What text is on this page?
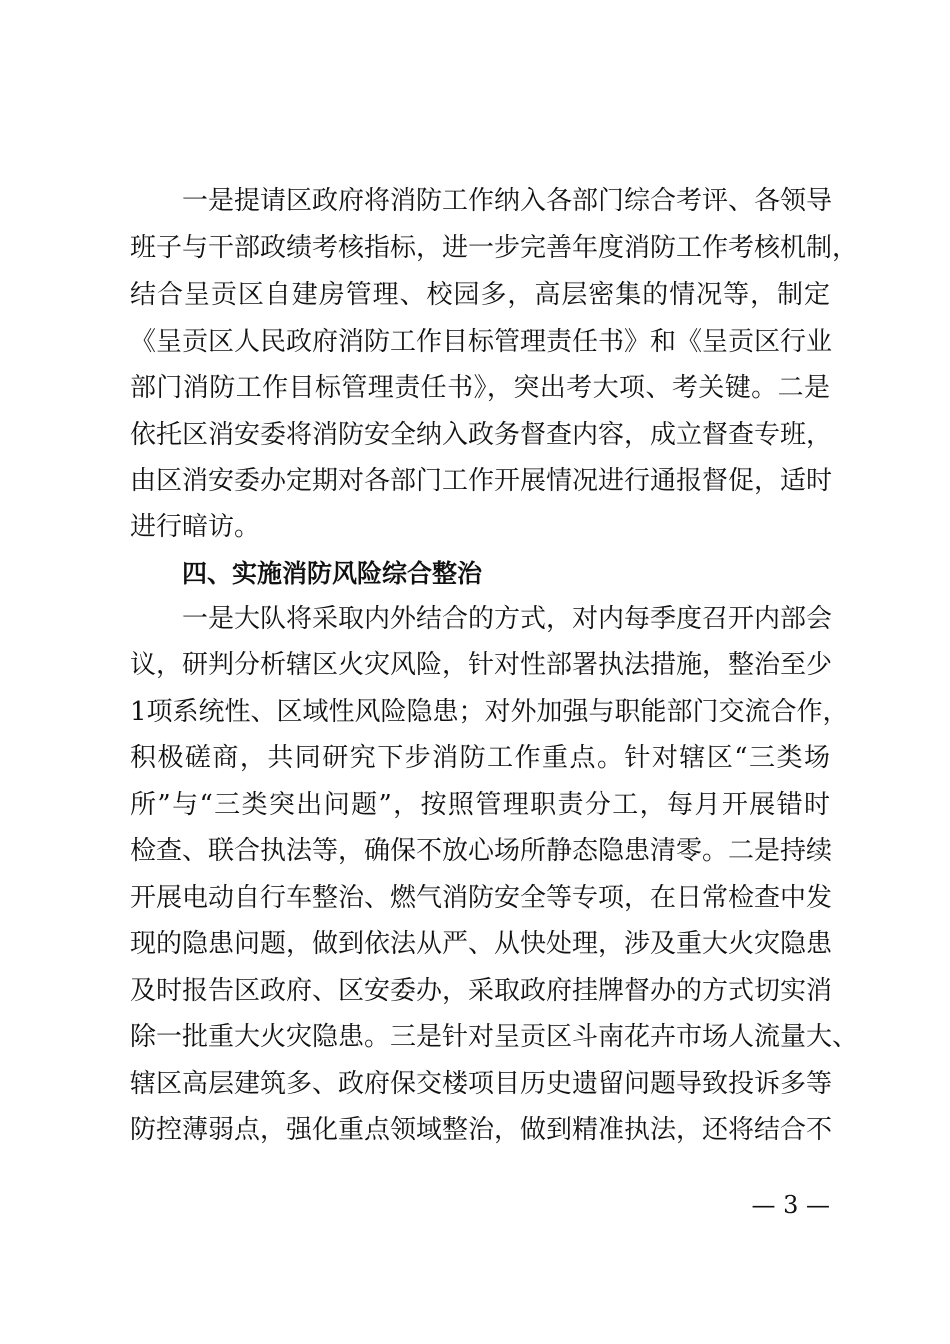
一是提请区政府将消防工作纳入各部门综合考评、各领导
班子与干部政绩考核指标，进一步完善年度消防工作考核机制，
结合呈贡区自建房管理、校园多，高层密集的情况等，制定
《呈贡区人民政府消防工作目标管理责任书》和《呈贡区行业
部门消防工作目标管理责任书》，突出考大项、考关键。二是
依托区消安委将消防安全纳入政务督查内容，成立督查专班，
由区消安委办定期对各部门工作开展情况进行通报督促，适时
进行暗访。
四、实施消防风险综合整治
一是大队将采取内外结合的方式，对内每季度召开内部会
议，研判分析辖区火灾风险，针对性部署执法措施，整治至少
1项系统性、区域性风险隐患；对外加强与职能部门交流合作，
积极磋商，共同研究下步消防工作重点。针对辖区“三类场
所”与“三类突出问题”，按照管理职责分工，每月开展错时
检查、联合执法等，确保不放心场所静态隐患清零。二是持续
开展电动自行车整治、燃气消防安全等专项，在日常检查中发
现的隐患问题，做到依法从严、从快处理，涉及重大火灾隐患
及时报告区政府、区安委办，采取政府挂牌督办的方式切实消
除一批重大火灾隐患。三是针对呈贡区斗南花卉市场人流量大、
辖区高层建筑多、政府保交楼项目历史遗留问题导致投诉多等
防控薄弱点，强化重点领域整治，做到精准执法，还将结合不
— 3 —
